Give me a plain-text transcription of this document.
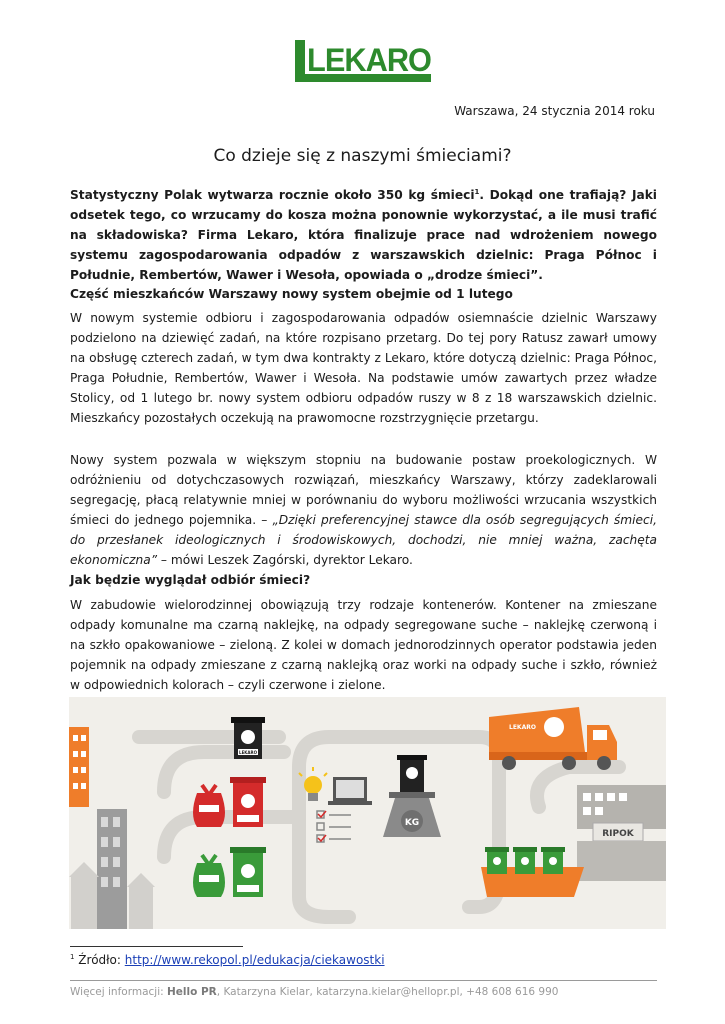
LEKARO
Warszawa, 24 stycznia 2014 roku
Co dzieje się z naszymi śmieciami?
Statystyczny Polak wytwarza rocznie około 350 kg śmieci$^1$. Dokąd one trafiają? Jaki odsetek tego, co wrzucamy do kosza można ponownie wykorzystać, a ile musi trafić na składowiska? Firma Lekaro, która finalizuje prace nad wdrożeniem nowego systemu zagospodarowania odpadów z warszawskich dzielnic: Praga Północ i Południe, Rembertów, Wawer i Wesoła, opowiada o „drodze śmieci”.
Część mieszkańców Warszawy nowy system obejmie od 1 lutego
W nowym systemie odbioru i zagospodarowania odpadów osiemnaście dzielnic Warszawy podzielono na dziewięć zadań, na które rozpisano przetarg. Do tej pory Ratusz zawarł umowy na obsługę czterech zadań, w tym dwa kontrakty z Lekaro, które dotyczą dzielnic: Praga Północ, Praga Południe, Rembertów, Wawer i Wesoła. Na podstawie umów zawartych przez władze Stolicy, od 1 lutego br. nowy system odbioru odpadów ruszy w 8 z 18 warszawskich dzielnic. Mieszkańcy pozostałych oczekują na prawomocne rozstrzygnięcie przetargu.
Nowy system pozwala w większym stopniu na budowanie postaw proekologicznych. W odróżnieniu od dotychczasowych rozwiązań, mieszkańcy Warszawy, którzy zadeklarowali segregację, płacą relatywnie mniej w porównaniu do wyboru możliwości wrzucania wszystkich śmieci do jednego pojemnika. – „Dzięki preferencyjnej stawce dla osób segregujących śmieci, do przesłanek ideologicznych i środowiskowych, dochodzi, nie mniej ważna, zachęta ekonomiczna” – mówi Leszek Zagórski, dyrektor Lekaro.
Jak będzie wyglądał odbiór śmieci?
W zabudowie wielorodzinnej obowiązują trzy rodzaje kontenerów. Kontener na zmieszane odpady komunalne ma czarną naklejkę, na odpady segregowane suche – naklejkę czerwoną i na szkło opakowaniowe – zieloną. Z kolei w domach jednorodzinnych operator podstawia jeden pojemnik na odpady zmieszane z czarną naklejką oraz worki na odpady suche i szkło, również w odpowiednich kolorach – czyli czerwone i zielone.
LEKARO
KG
LEKARO
RIPOK
$^1$ Źródło: http://www.rekopol.pl/edukacja/ciekawostki
Więcej informacji: Hello PR, Katarzyna Kielar, katarzyna.kielar@hellopr.pl, +48 608 616 990
